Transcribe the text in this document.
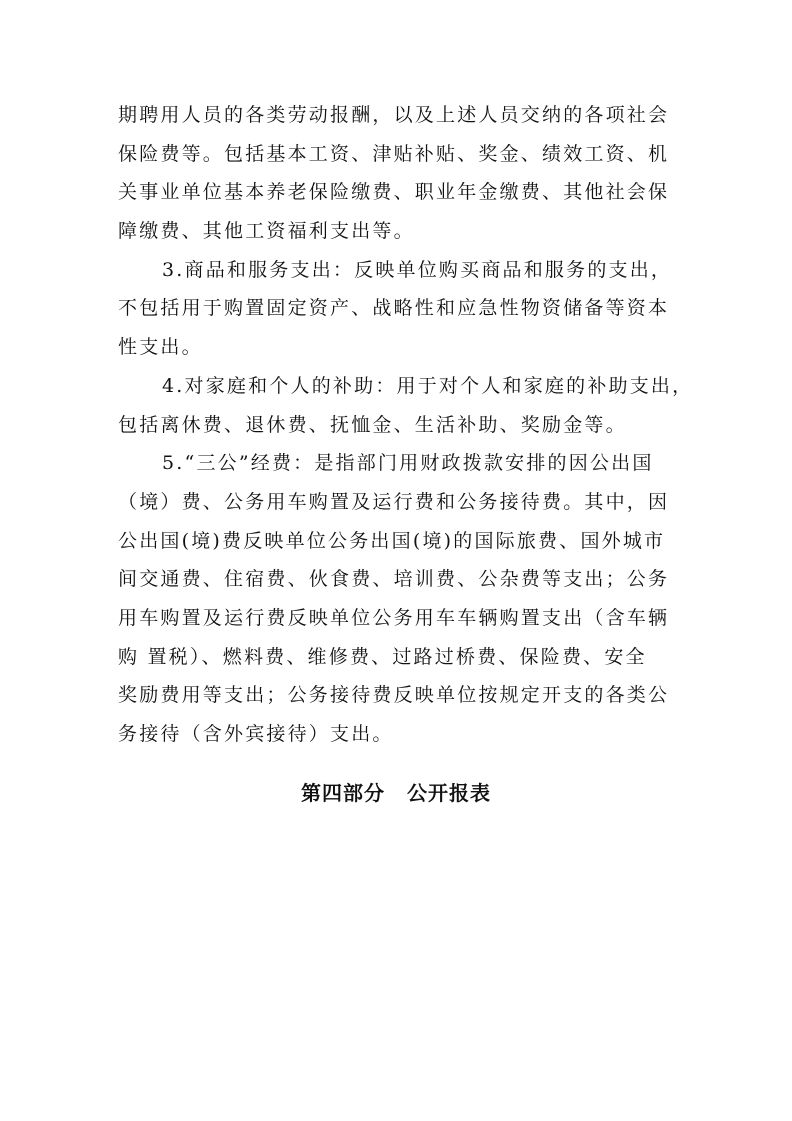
期聘用人员的各类劳动报酬，以及上述人员交纳的各项社会
保险费等。包括基本工资、津贴补贴、奖金、绩效工资、机
关事业单位基本养老保险缴费、职业年金缴费、其他社会保
障缴费、其他工资福利支出等。
3.商品和服务支出：反映单位购买商品和服务的支出，
不包括用于购置固定资产、战略性和应急性物资储备等资本
性支出。
4.对家庭和个人的补助：用于对个人和家庭的补助支出，
包括离休费、退休费、抚恤金、生活补助、奖励金等。
5.“三公”经费：是指部门用财政拨款安排的因公出国
（境）费、公务用车购置及运行费和公务接待费。其中，因
公出国(境)费反映单位公务出国(境)的国际旅费、国外城市
间交通费、住宿费、伙食费、培训费、公杂费等支出；公务
用车购置及运行费反映单位公务用车车辆购置支出（含车辆
购 置税）、燃料费、维修费、过路过桥费、保险费、安全
奖励费用等支出；公务接待费反映单位按规定开支的各类公
务接待（含外宾接待）支出。
第四部分 公开报表
